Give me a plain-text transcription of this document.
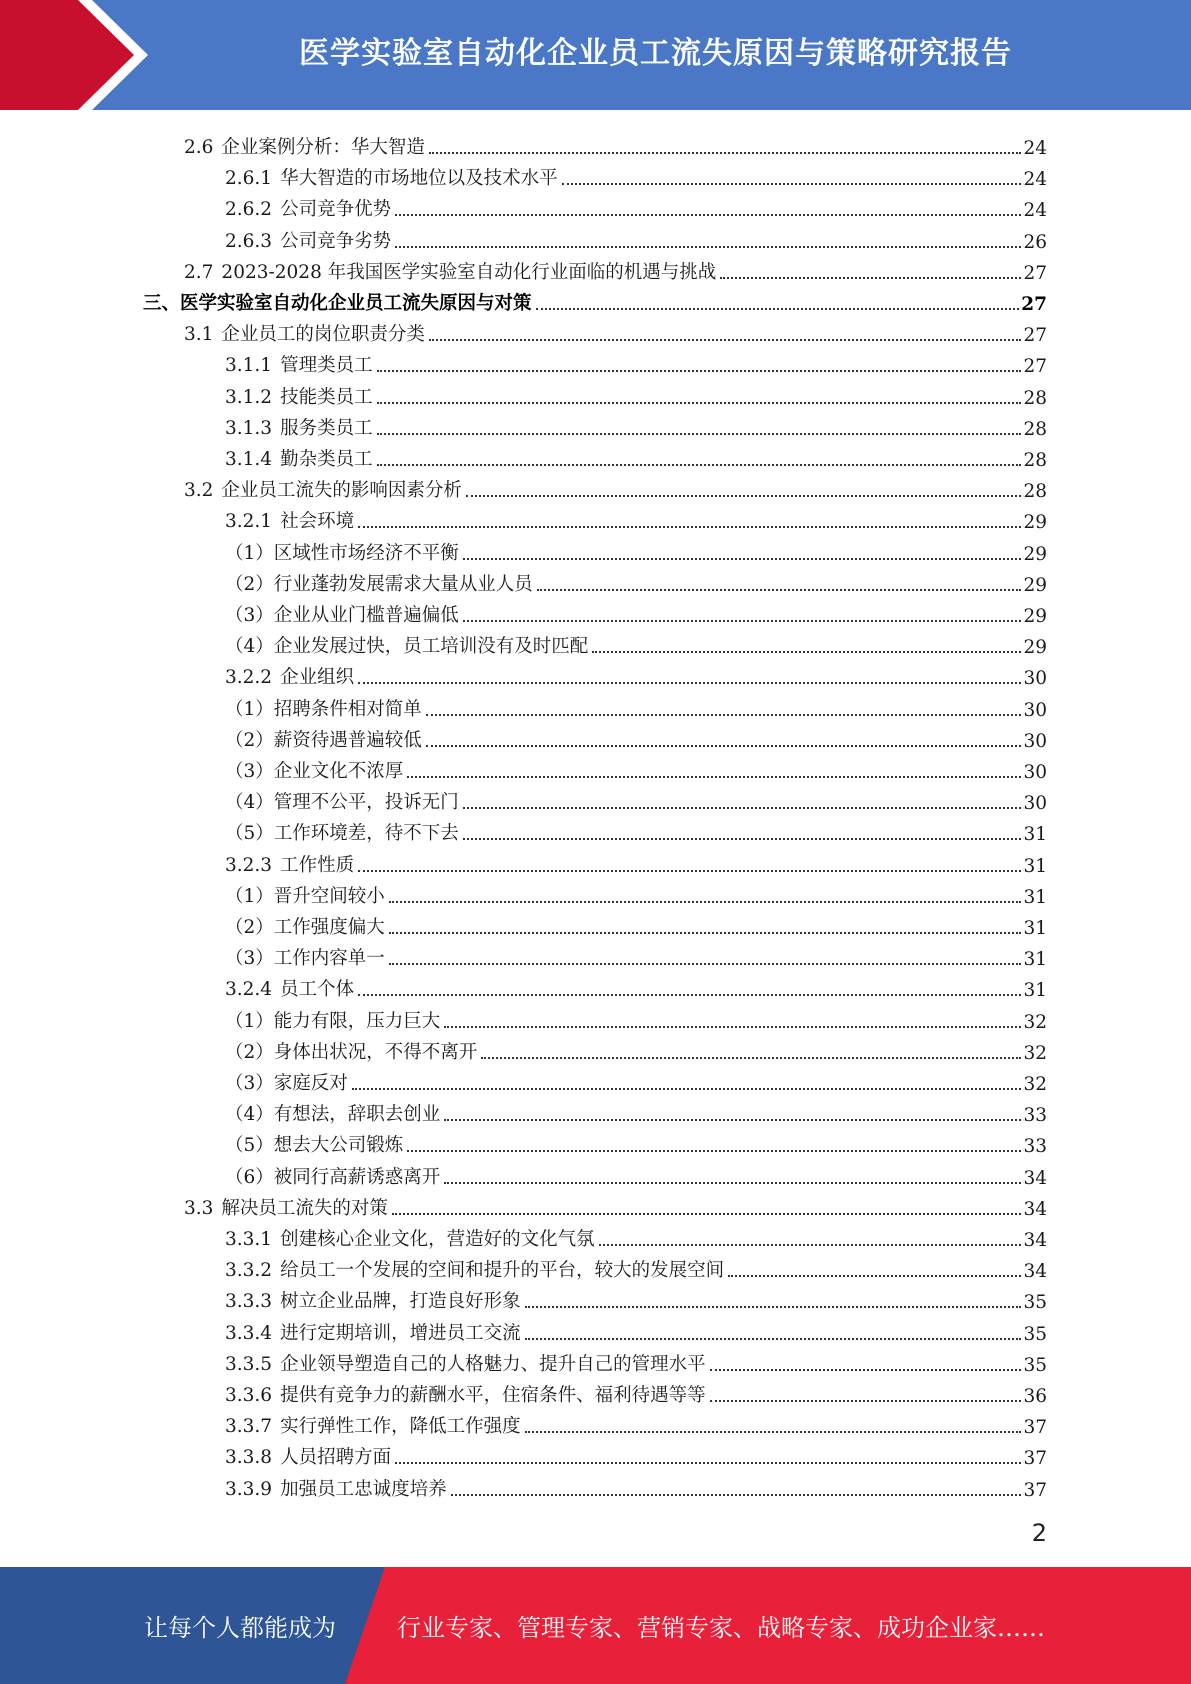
医学实验室自动化企业员工流失原因与策略研究报告
2.6 企业案例分析：华大智造	24
2.6.1 华大智造的市场地位以及技术水平	24
2.6.2 公司竞争优势	24
2.6.3 公司竞争劣势	26
2.7 2023-2028 年我国医学实验室自动化行业面临的机遇与挑战	27
三、医学实验室自动化企业员工流失原因与对策	27
3.1 企业员工的岗位职责分类	27
3.1.1 管理类员工	27
3.1.2 技能类员工	28
3.1.3 服务类员工	28
3.1.4 勤杂类员工	28
3.2 企业员工流失的影响因素分析	28
3.2.1 社会环境	29
（1）区域性市场经济不平衡	29
（2）行业蓬勃发展需求大量从业人员	29
（3）企业从业门槛普遍偏低	29
（4）企业发展过快，员工培训没有及时匹配	29
3.2.2 企业组织	30
（1）招聘条件相对简单	30
（2）薪资待遇普遍较低	30
（3）企业文化不浓厚	30
（4）管理不公平，投诉无门	30
（5）工作环境差，待不下去	31
3.2.3 工作性质	31
（1）晋升空间较小	31
（2）工作强度偏大	31
（3）工作内容单一	31
3.2.4 员工个体	31
（1）能力有限，压力巨大	32
（2）身体出状况，不得不离开	32
（3）家庭反对	32
（4）有想法，辞职去创业	33
（5）想去大公司锻炼	33
（6）被同行高薪诱惑离开	34
3.3 解决员工流失的对策	34
3.3.1 创建核心企业文化，营造好的文化气氛	34
3.3.2 给员工一个发展的空间和提升的平台，较大的发展空间	34
3.3.3 树立企业品牌，打造良好形象	35
3.3.4 进行定期培训，增进员工交流	35
3.3.5 企业领导塑造自己的人格魅力、提升自己的管理水平	35
3.3.6 提供有竞争力的薪酬水平，住宿条件、福利待遇等等	36
3.3.7 实行弹性工作，降低工作强度	37
3.3.8 人员招聘方面	37
3.3.9 加强员工忠诚度培养	37
2
让每个人都能成为	行业专家、管理专家、营销专家、战略专家、成功企业家……
